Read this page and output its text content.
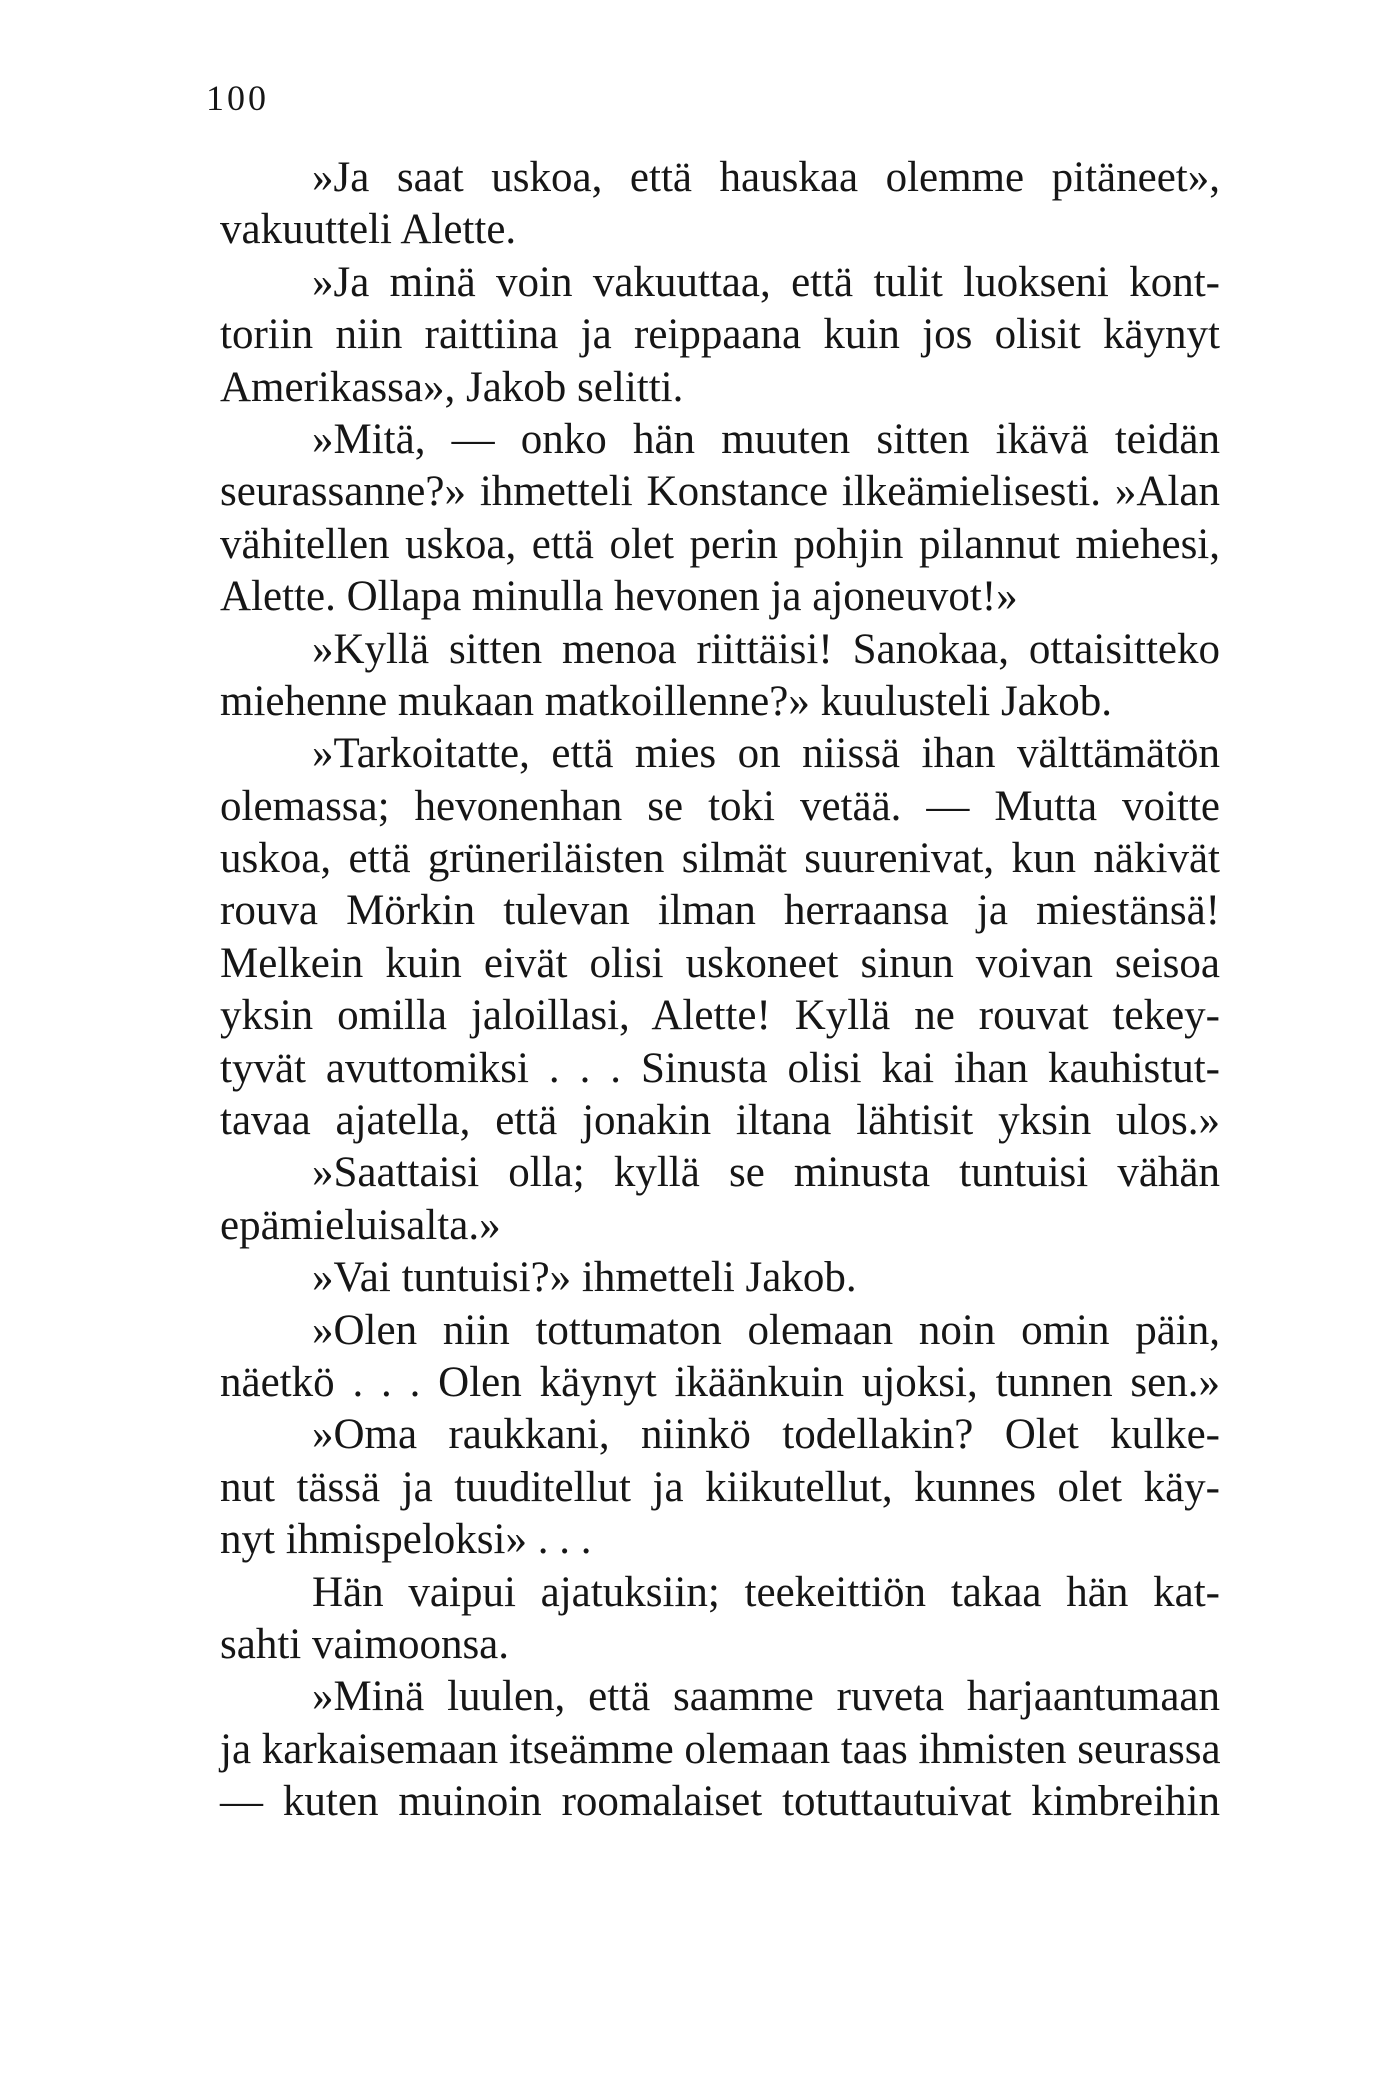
100
»Ja saat uskoa, että hauskaa olemme pitäneet»,
vakuutteli Alette.
»Ja minä voin vakuuttaa, että tulit luokseni kont-
toriin niin raittiina ja reippaana kuin jos olisit käynyt
Amerikassa», Jakob selitti.
»Mitä, — onko hän muuten sitten ikävä teidän
seurassanne?» ihmetteli Konstance ilkeämielisesti. »Alan
vähitellen uskoa, että olet perin pohjin pilannut miehesi,
Alette. Ollapa minulla hevonen ja ajoneuvot!»
»Kyllä sitten menoa riittäisi! Sanokaa, ottaisitteko
miehenne mukaan matkoillenne?» kuulusteli Jakob.
»Tarkoitatte, että mies on niissä ihan välttämätön
olemassa; hevonenhan se toki vetää. — Mutta voitte
uskoa, että grüneriläisten silmät suurenivat, kun näkivät
rouva Mörkin tulevan ilman herraansa ja miestänsä!
Melkein kuin eivät olisi uskoneet sinun voivan seisoa
yksin omilla jaloillasi, Alette! Kyllä ne rouvat tekey-
tyvät avuttomiksi . . . Sinusta olisi kai ihan kauhistut-
tavaa ajatella, että jonakin iltana lähtisit yksin ulos.»
»Saattaisi olla; kyllä se minusta tuntuisi vähän
epämieluisalta.»
»Vai tuntuisi?» ihmetteli Jakob.
»Olen niin tottumaton olemaan noin omin päin,
näetkö . . . Olen käynyt ikäänkuin ujoksi, tunnen sen.»
»Oma raukkani, niinkö todellakin? Olet kulke-
nut tässä ja tuuditellut ja kiikutellut, kunnes olet käy-
nyt ihmispeloksi» . . .
Hän vaipui ajatuksiin; teekeittiön takaa hän kat-
sahti vaimoonsa.
»Minä luulen, että saamme ruveta harjaantumaan
ja karkaisemaan itseämme olemaan taas ihmisten seurassa
— kuten muinoin roomalaiset totuttautuivat kimbreihin
